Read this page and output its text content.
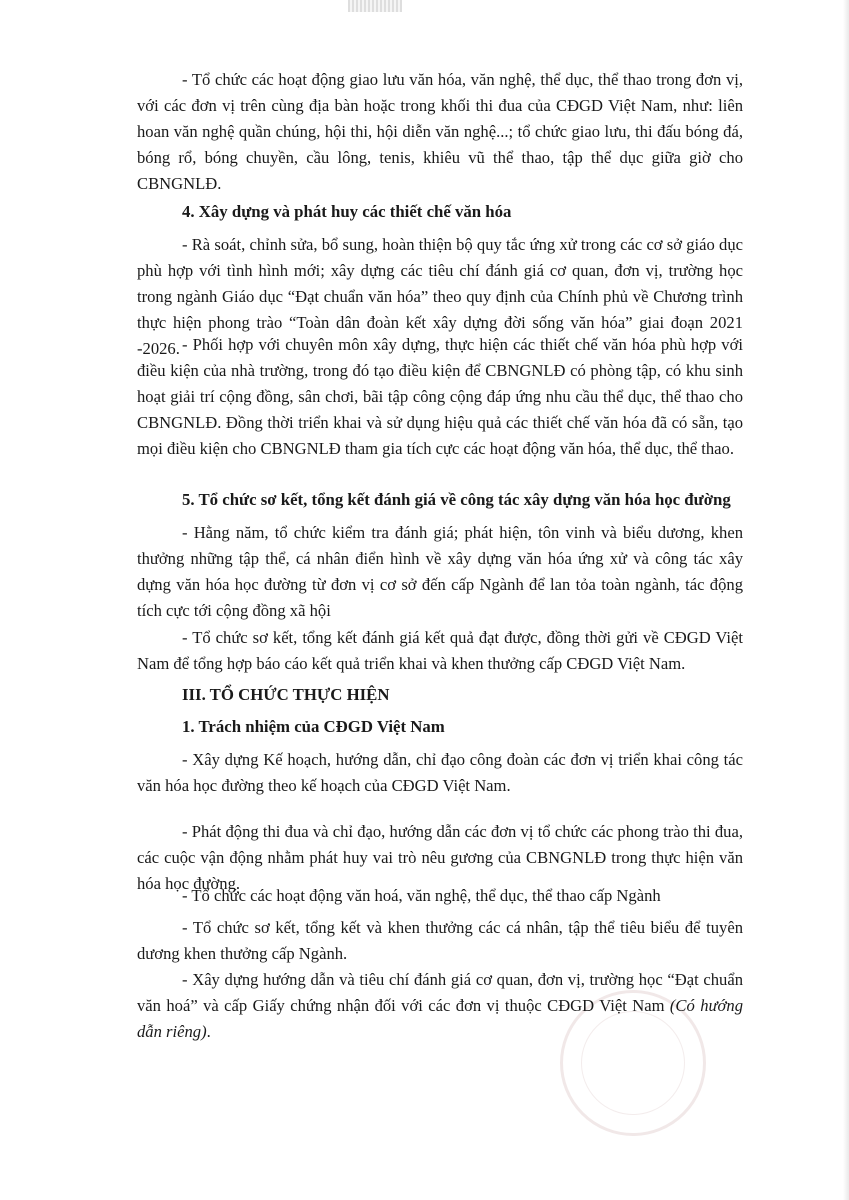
- Tổ chức các hoạt động giao lưu văn hóa, văn nghệ, thể dục, thể thao trong đơn vị, với các đơn vị trên cùng địa bàn hoặc trong khối thi đua của CĐGD Việt Nam, như: liên hoan văn nghệ quần chúng, hội thi, hội diễn văn nghệ...; tổ chức giao lưu, thi đấu bóng đá, bóng rổ, bóng chuyền, cầu lông, tenis, khiêu vũ thể thao, tập thể dục giữa giờ cho CBNGNLĐ.

4. Xây dựng và phát huy các thiết chế văn hóa

- Rà soát, chỉnh sửa, bổ sung, hoàn thiện bộ quy tắc ứng xử trong các cơ sở giáo dục phù hợp với tình hình mới; xây dựng các tiêu chí đánh giá cơ quan, đơn vị, trường học trong ngành Giáo dục “Đạt chuẩn văn hóa” theo quy định của Chính phủ về Chương trình thực hiện phong trào “Toàn dân đoàn kết xây dựng đời sống văn hóa” giai đoạn 2021 -2026. - Phối hợp với chuyên môn xây dựng, thực hiện các thiết chế văn hóa phù hợp với điều kiện của nhà trường, trong đó tạo điều kiện để CBNGNLĐ có phòng tập, có khu sinh hoạt giải trí cộng đồng, sân chơi, bãi tập công cộng đáp ứng nhu cầu thể dục, thể thao cho CBNGNLĐ. Đồng thời triển khai và sử dụng hiệu quả các thiết chế văn hóa đã có sẵn, tạo mọi điều kiện cho CBNGNLĐ tham gia tích cực các hoạt động văn hóa, thể dục, thể thao.

5. Tổ chức sơ kết, tổng kết đánh giá về công tác xây dựng văn hóa học đường

- Hằng năm, tổ chức kiểm tra đánh giá; phát hiện, tôn vinh và biểu dương, khen thưởng những tập thể, cá nhân điển hình về xây dựng văn hóa ứng xử và công tác xây dựng văn hóa học đường từ đơn vị cơ sở đến cấp Ngành để lan tỏa toàn ngành, tác động tích cực tới cộng đồng xã hội

- Tổ chức sơ kết, tổng kết đánh giá kết quả đạt được, đồng thời gửi về CĐGD Việt Nam để tổng hợp báo cáo kết quả triển khai và khen thưởng cấp CĐGD Việt Nam.

III. TỔ CHỨC THỰC HIỆN

1. Trách nhiệm của CĐGD Việt Nam

- Xây dựng Kế hoạch, hướng dẫn, chỉ đạo công đoàn các đơn vị triển khai công tác văn hóa học đường theo kế hoạch của CĐGD Việt Nam.

- Phát động thi đua và chỉ đạo, hướng dẫn các đơn vị tổ chức các phong trào thi đua, các cuộc vận động nhằm phát huy vai trò nêu gương của CBNGNLĐ trong thực hiện văn hóa học đường.

- Tổ chức các hoạt động văn hoá, văn nghệ, thể dục, thể thao cấp Ngành

- Tổ chức sơ kết, tổng kết và khen thưởng các cá nhân, tập thể tiêu biểu để tuyên dương khen thưởng cấp Ngành.

- Xây dựng hướng dẫn và tiêu chí đánh giá cơ quan, đơn vị, trường học “Đạt chuẩn văn hoá” và cấp Giấy chứng nhận đối với các đơn vị thuộc CĐGD Việt Nam (Có hướng dẫn riêng).
